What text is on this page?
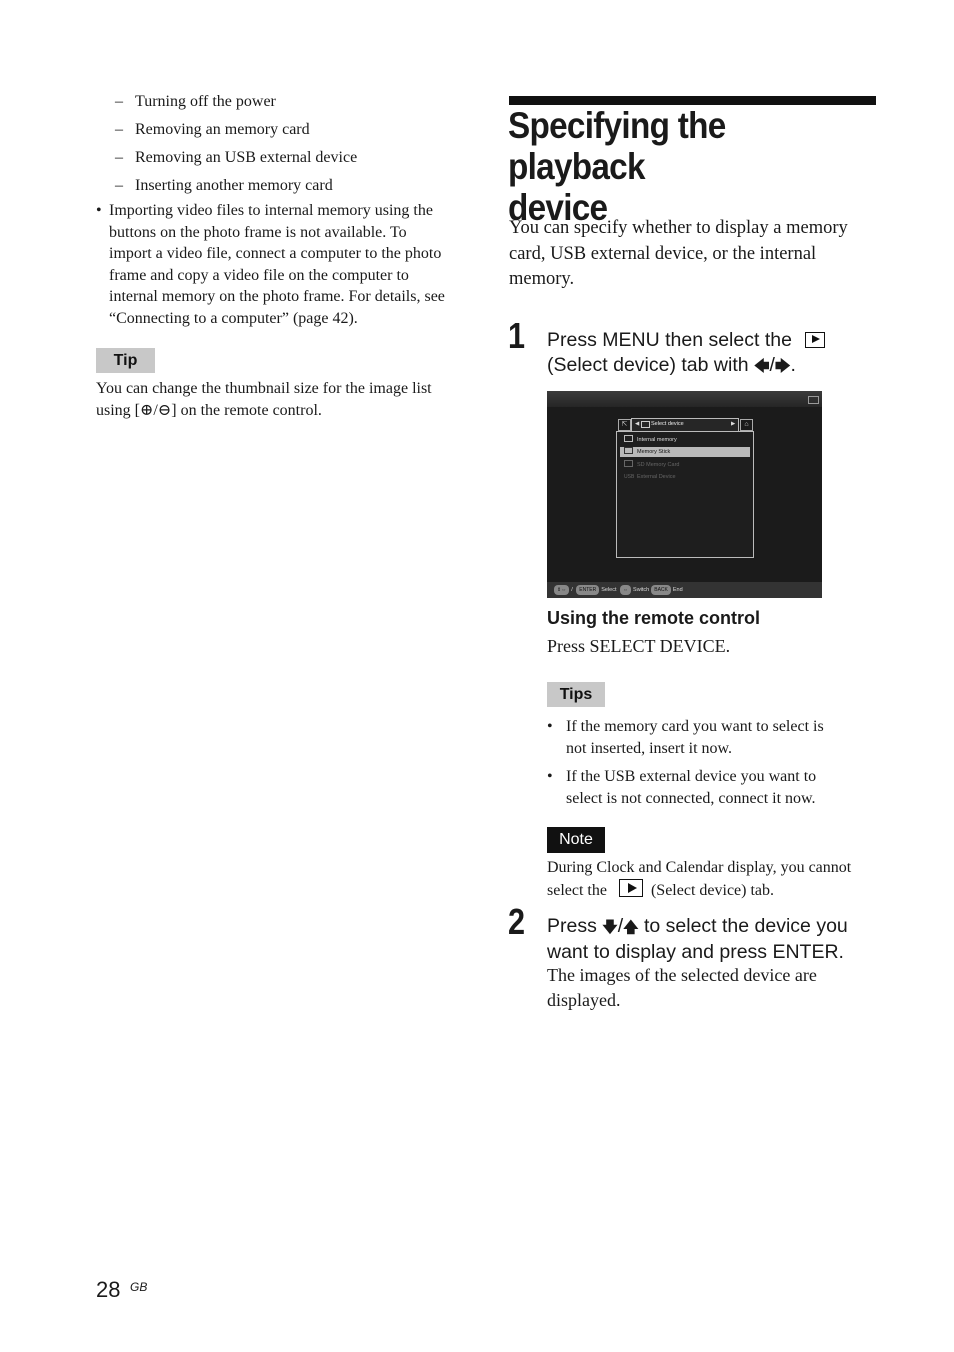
– Turning off the power
– Removing an memory card
– Removing an USB external device
– Inserting another memory card
• Importing video files to internal memory using the
buttons on the photo frame is not available. To
import a video file, connect a computer to the photo
frame and copy a video file on the computer to
internal memory on the photo frame. For details, see
“Connecting to a computer” (page 42).
Tip
You can change the thumbnail size for the image list
using [⊕/⊖] on the remote control.
Specifying the playback
device
You can specify whether to display a memory
card, USB external device, or the internal
memory.
1 Press MENU then select the
(Select device) tab with 🡄/🡆.
⇱	◀ Select device	▶	⌂
Internal memory
Memory Stick
SD Memory Card
USB External Device
⇕⇔ / ENTER Select ⇔ Switch BACK End
Using the remote control
Press SELECT DEVICE.
Tips
• If the memory card you want to select is
not inserted, insert it now.
• If the USB external device you want to
select is not connected, connect it now.
Note
During Clock and Calendar display, you cannot
select the	(Select device) tab.
2 Press 🡇/🡅 to select the device you
want to display and press ENTER.
The images of the selected device are
displayed.
28 GB
